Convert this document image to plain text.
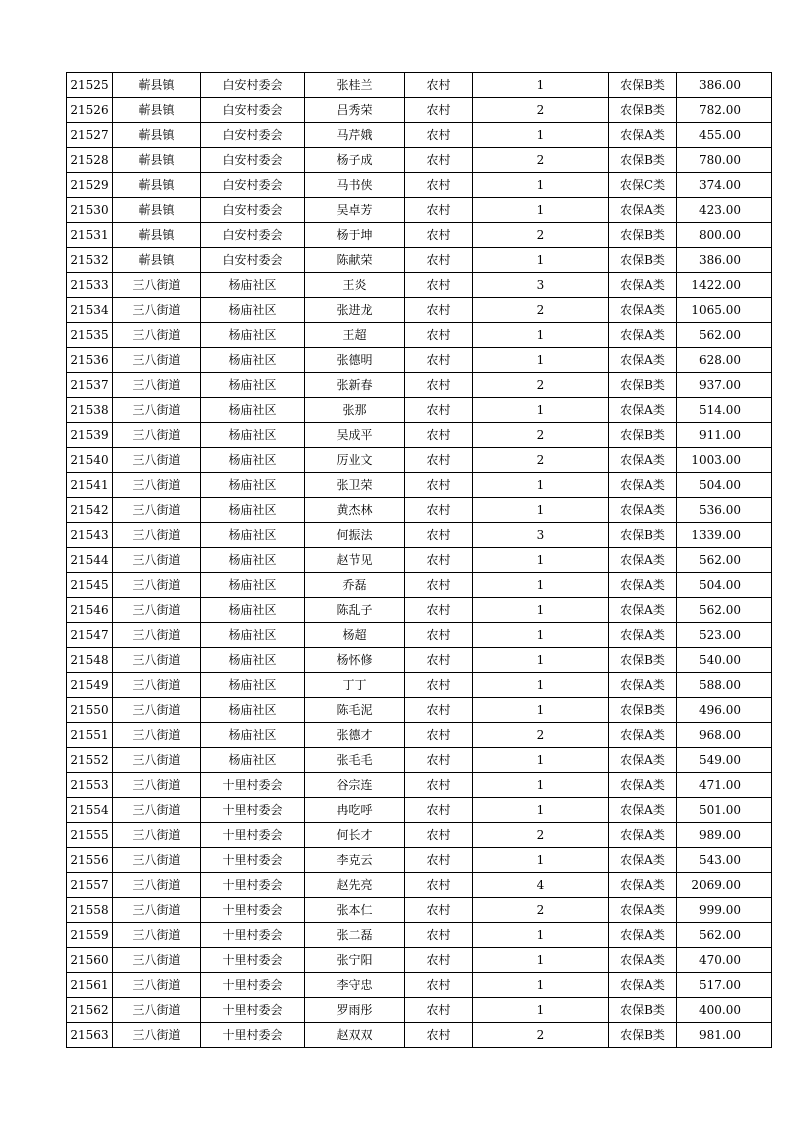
21525	蕲县镇	白安村委会	张桂兰	农村	1	农保B类	386.00
21526	蕲县镇	白安村委会	吕秀荣	农村	2	农保B类	782.00
21527	蕲县镇	白安村委会	马芹娥	农村	1	农保A类	455.00
21528	蕲县镇	白安村委会	杨子成	农村	2	农保B类	780.00
21529	蕲县镇	白安村委会	马书侠	农村	1	农保C类	374.00
21530	蕲县镇	白安村委会	吴卓芳	农村	1	农保A类	423.00
21531	蕲县镇	白安村委会	杨于坤	农村	2	农保B类	800.00
21532	蕲县镇	白安村委会	陈献荣	农村	1	农保B类	386.00
21533	三八街道	杨庙社区	王炎	农村	3	农保A类	1422.00
21534	三八街道	杨庙社区	张进龙	农村	2	农保A类	1065.00
21535	三八街道	杨庙社区	王超	农村	1	农保A类	562.00
21536	三八街道	杨庙社区	张德明	农村	1	农保A类	628.00
21537	三八街道	杨庙社区	张新春	农村	2	农保B类	937.00
21538	三八街道	杨庙社区	张那	农村	1	农保A类	514.00
21539	三八街道	杨庙社区	吴成平	农村	2	农保B类	911.00
21540	三八街道	杨庙社区	厉业文	农村	2	农保A类	1003.00
21541	三八街道	杨庙社区	张卫荣	农村	1	农保A类	504.00
21542	三八街道	杨庙社区	黄杰林	农村	1	农保A类	536.00
21543	三八街道	杨庙社区	何振法	农村	3	农保B类	1339.00
21544	三八街道	杨庙社区	赵节见	农村	1	农保A类	562.00
21545	三八街道	杨庙社区	乔磊	农村	1	农保A类	504.00
21546	三八街道	杨庙社区	陈乱子	农村	1	农保A类	562.00
21547	三八街道	杨庙社区	杨超	农村	1	农保A类	523.00
21548	三八街道	杨庙社区	杨怀修	农村	1	农保B类	540.00
21549	三八街道	杨庙社区	丁丁	农村	1	农保A类	588.00
21550	三八街道	杨庙社区	陈毛泥	农村	1	农保B类	496.00
21551	三八街道	杨庙社区	张德才	农村	2	农保A类	968.00
21552	三八街道	杨庙社区	张毛毛	农村	1	农保A类	549.00
21553	三八街道	十里村委会	谷宗连	农村	1	农保A类	471.00
21554	三八街道	十里村委会	冉吃呼	农村	1	农保A类	501.00
21555	三八街道	十里村委会	何长才	农村	2	农保A类	989.00
21556	三八街道	十里村委会	李克云	农村	1	农保A类	543.00
21557	三八街道	十里村委会	赵先亮	农村	4	农保A类	2069.00
21558	三八街道	十里村委会	张本仁	农村	2	农保A类	999.00
21559	三八街道	十里村委会	张二磊	农村	1	农保A类	562.00
21560	三八街道	十里村委会	张宁阳	农村	1	农保A类	470.00
21561	三八街道	十里村委会	李守忠	农村	1	农保A类	517.00
21562	三八街道	十里村委会	罗雨彤	农村	1	农保B类	400.00
21563	三八街道	十里村委会	赵双双	农村	2	农保B类	981.00
